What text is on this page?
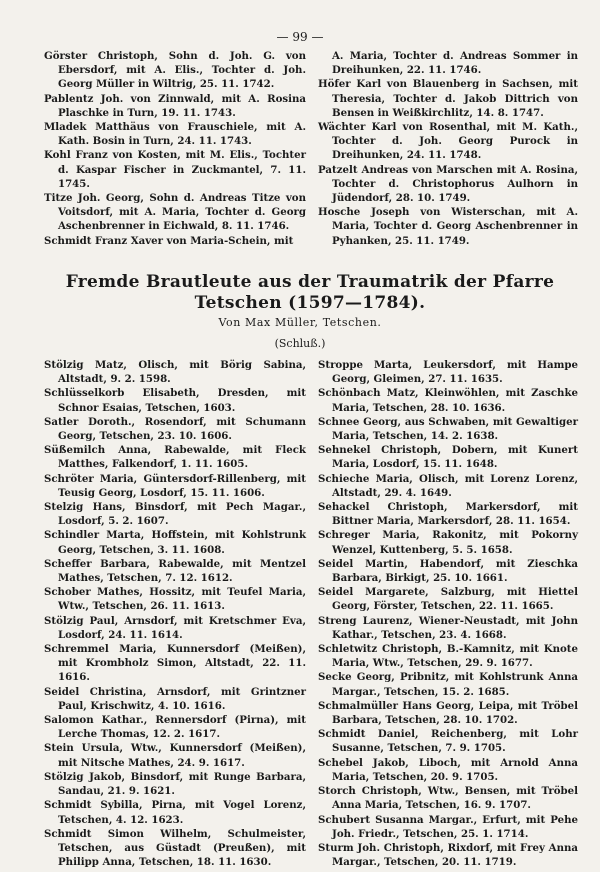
— 99 —
Görster Christoph, Sohn d. Joh. G. von Ebersdorf, mit A. Elis., Tochter d. Joh. Georg Müller in Wiltrig, 25. 11. 1742.
Pablentz Joh. von Zinnwald, mit A. Rosina Plaschke in Turn, 19. 11. 1743.
Mladek Matthäus von Frauschiele, mit A. Kath. Bosin in Turn, 24. 11. 1743.
Kohl Franz von Kosten, mit M. Elis., Tochter d. Kaspar Fischer in Zuckmantel, 7. 11. 1745.
Titze Joh. Georg, Sohn d. Andreas Titze von Voitsdorf, mit A. Maria, Tochter d. Georg Aschenbrenner in Eichwald, 8. 11. 1746.
Schmidt Franz Xaver von Maria-Schein, mit
A. Maria, Tochter d. Andreas Sommer in Dreihunken, 22. 11. 1746.
Höfer Karl von Blauenberg in Sachsen, mit Theresia, Tochter d. Jakob Dittrich von Bensen in Weißkirchlitz, 14. 8. 1747.
Wächter Karl von Rosenthal, mit M. Kath., Tochter d. Joh. Georg Purock in Dreihunken, 24. 11. 1748.
Patzelt Andreas von Marschen mit A. Rosina, Tochter d. Christophorus Aulhorn in Jüdendorf, 28. 10. 1749.
Hosche Joseph von Wisterschan, mit A. Maria, Tochter d. Georg Aschenbrenner in Pyhanken, 25. 11. 1749.
Fremde Brautleute aus der Traumatrik der Pfarre Tetschen (1597—1784).
Von Max Müller, Tetschen.
(Schluß.)
Stölzig Matz, Olisch, mit Börig Sabina, Altstadt, 9. 2. 1598.
Schlüsselkorb Elisabeth, Dresden, mit Schnor Esaias, Tetschen, 1603.
Satler Doroth., Rosendorf, mit Schumann Georg, Tetschen, 23. 10. 1606.
Süßemilch Anna, Rabewalde, mit Fleck Matthes, Falkendorf, 1. 11. 1605.
Schröter Maria, Güntersdorf-Rillenberg, mit Teusig Georg, Losdorf, 15. 11. 1606.
Stelzig Hans, Binsdorf, mit Pech Magar., Losdorf, 5. 2. 1607.
Schindler Marta, Hoffstein, mit Kohlstrunk Georg, Tetschen, 3. 11. 1608.
Scheffer Barbara, Rabewalde, mit Mentzel Mathes, Tetschen, 7. 12. 1612.
Schober Mathes, Hossitz, mit Teufel Maria, Wtw., Tetschen, 26. 11. 1613.
Stölzig Paul, Arnsdorf, mit Kretschmer Eva, Losdorf, 24. 11. 1614.
Schremmel Maria, Kunnersdorf (Meißen), mit Krombholz Simon, Altstadt, 22. 11. 1616.
Seidel Christina, Arnsdorf, mit Grintzner Paul, Krischwitz, 4. 10. 1616.
Salomon Kathar., Rennersdorf (Pirna), mit Lerche Thomas, 12. 2. 1617.
Stein Ursula, Wtw., Kunnersdorf (Meißen), mit Nitsche Mathes, 24. 9. 1617.
Stölzig Jakob, Binsdorf, mit Runge Barbara, Sandau, 21. 9. 1621.
Schmidt Sybilla, Pirna, mit Vogel Lorenz, Tetschen, 4. 12. 1623.
Schmidt Simon Wilhelm, Schulmeister, Tetschen, aus Güstadt (Preußen), mit Philipp Anna, Tetschen, 18. 11. 1630.
Stroppe Marta, Leukersdorf, mit Hampe Georg, Gleimen, 27. 11. 1635.
Schönbach Matz, Kleinwöhlen, mit Zaschke Maria, Tetschen, 28. 10. 1636.
Schnee Georg, aus Schwaben, mit Gewaltiger Maria, Tetschen, 14. 2. 1638.
Sehnekel Christoph, Dobern, mit Kunert Maria, Losdorf, 15. 11. 1648.
Schieche Maria, Olisch, mit Lorenz Lorenz, Altstadt, 29. 4. 1649.
Sehackel Christoph, Markersdorf, mit Bittner Maria, Markersdorf, 28. 11. 1654.
Schreger Maria, Rakonitz, mit Pokorny Wenzel, Kuttenberg, 5. 5. 1658.
Seidel Martin, Habendorf, mit Zieschka Barbara, Birkigt, 25. 10. 1661.
Seidel Margarete, Salzburg, mit Hiettel Georg, Förster, Tetschen, 22. 11. 1665.
Streng Laurenz, Wiener-Neustadt, mit John Kathar., Tetschen, 23. 4. 1668.
Schletwitz Christoph, B.-Kamnitz, mit Knote Maria, Wtw., Tetschen, 29. 9. 1677.
Secke Georg, Pribnitz, mit Kohlstrunk Anna Margar., Tetschen, 15. 2. 1685.
Schmalmüller Hans Georg, Leipa, mit Tröbel Barbara, Tetschen, 28. 10. 1702.
Schmidt Daniel, Reichenberg, mit Lohr Susanne, Tetschen, 7. 9. 1705.
Schebel Jakob, Liboch, mit Arnold Anna Maria, Tetschen, 20. 9. 1705.
Storch Christoph, Wtw., Bensen, mit Tröbel Anna Maria, Tetschen, 16. 9. 1707.
Schubert Susanna Margar., Erfurt, mit Pehe Joh. Friedr., Tetschen, 25. 1. 1714.
Sturm Joh. Christoph, Rixdorf, mit Frey Anna Margar., Tetschen, 20. 11. 1719.
